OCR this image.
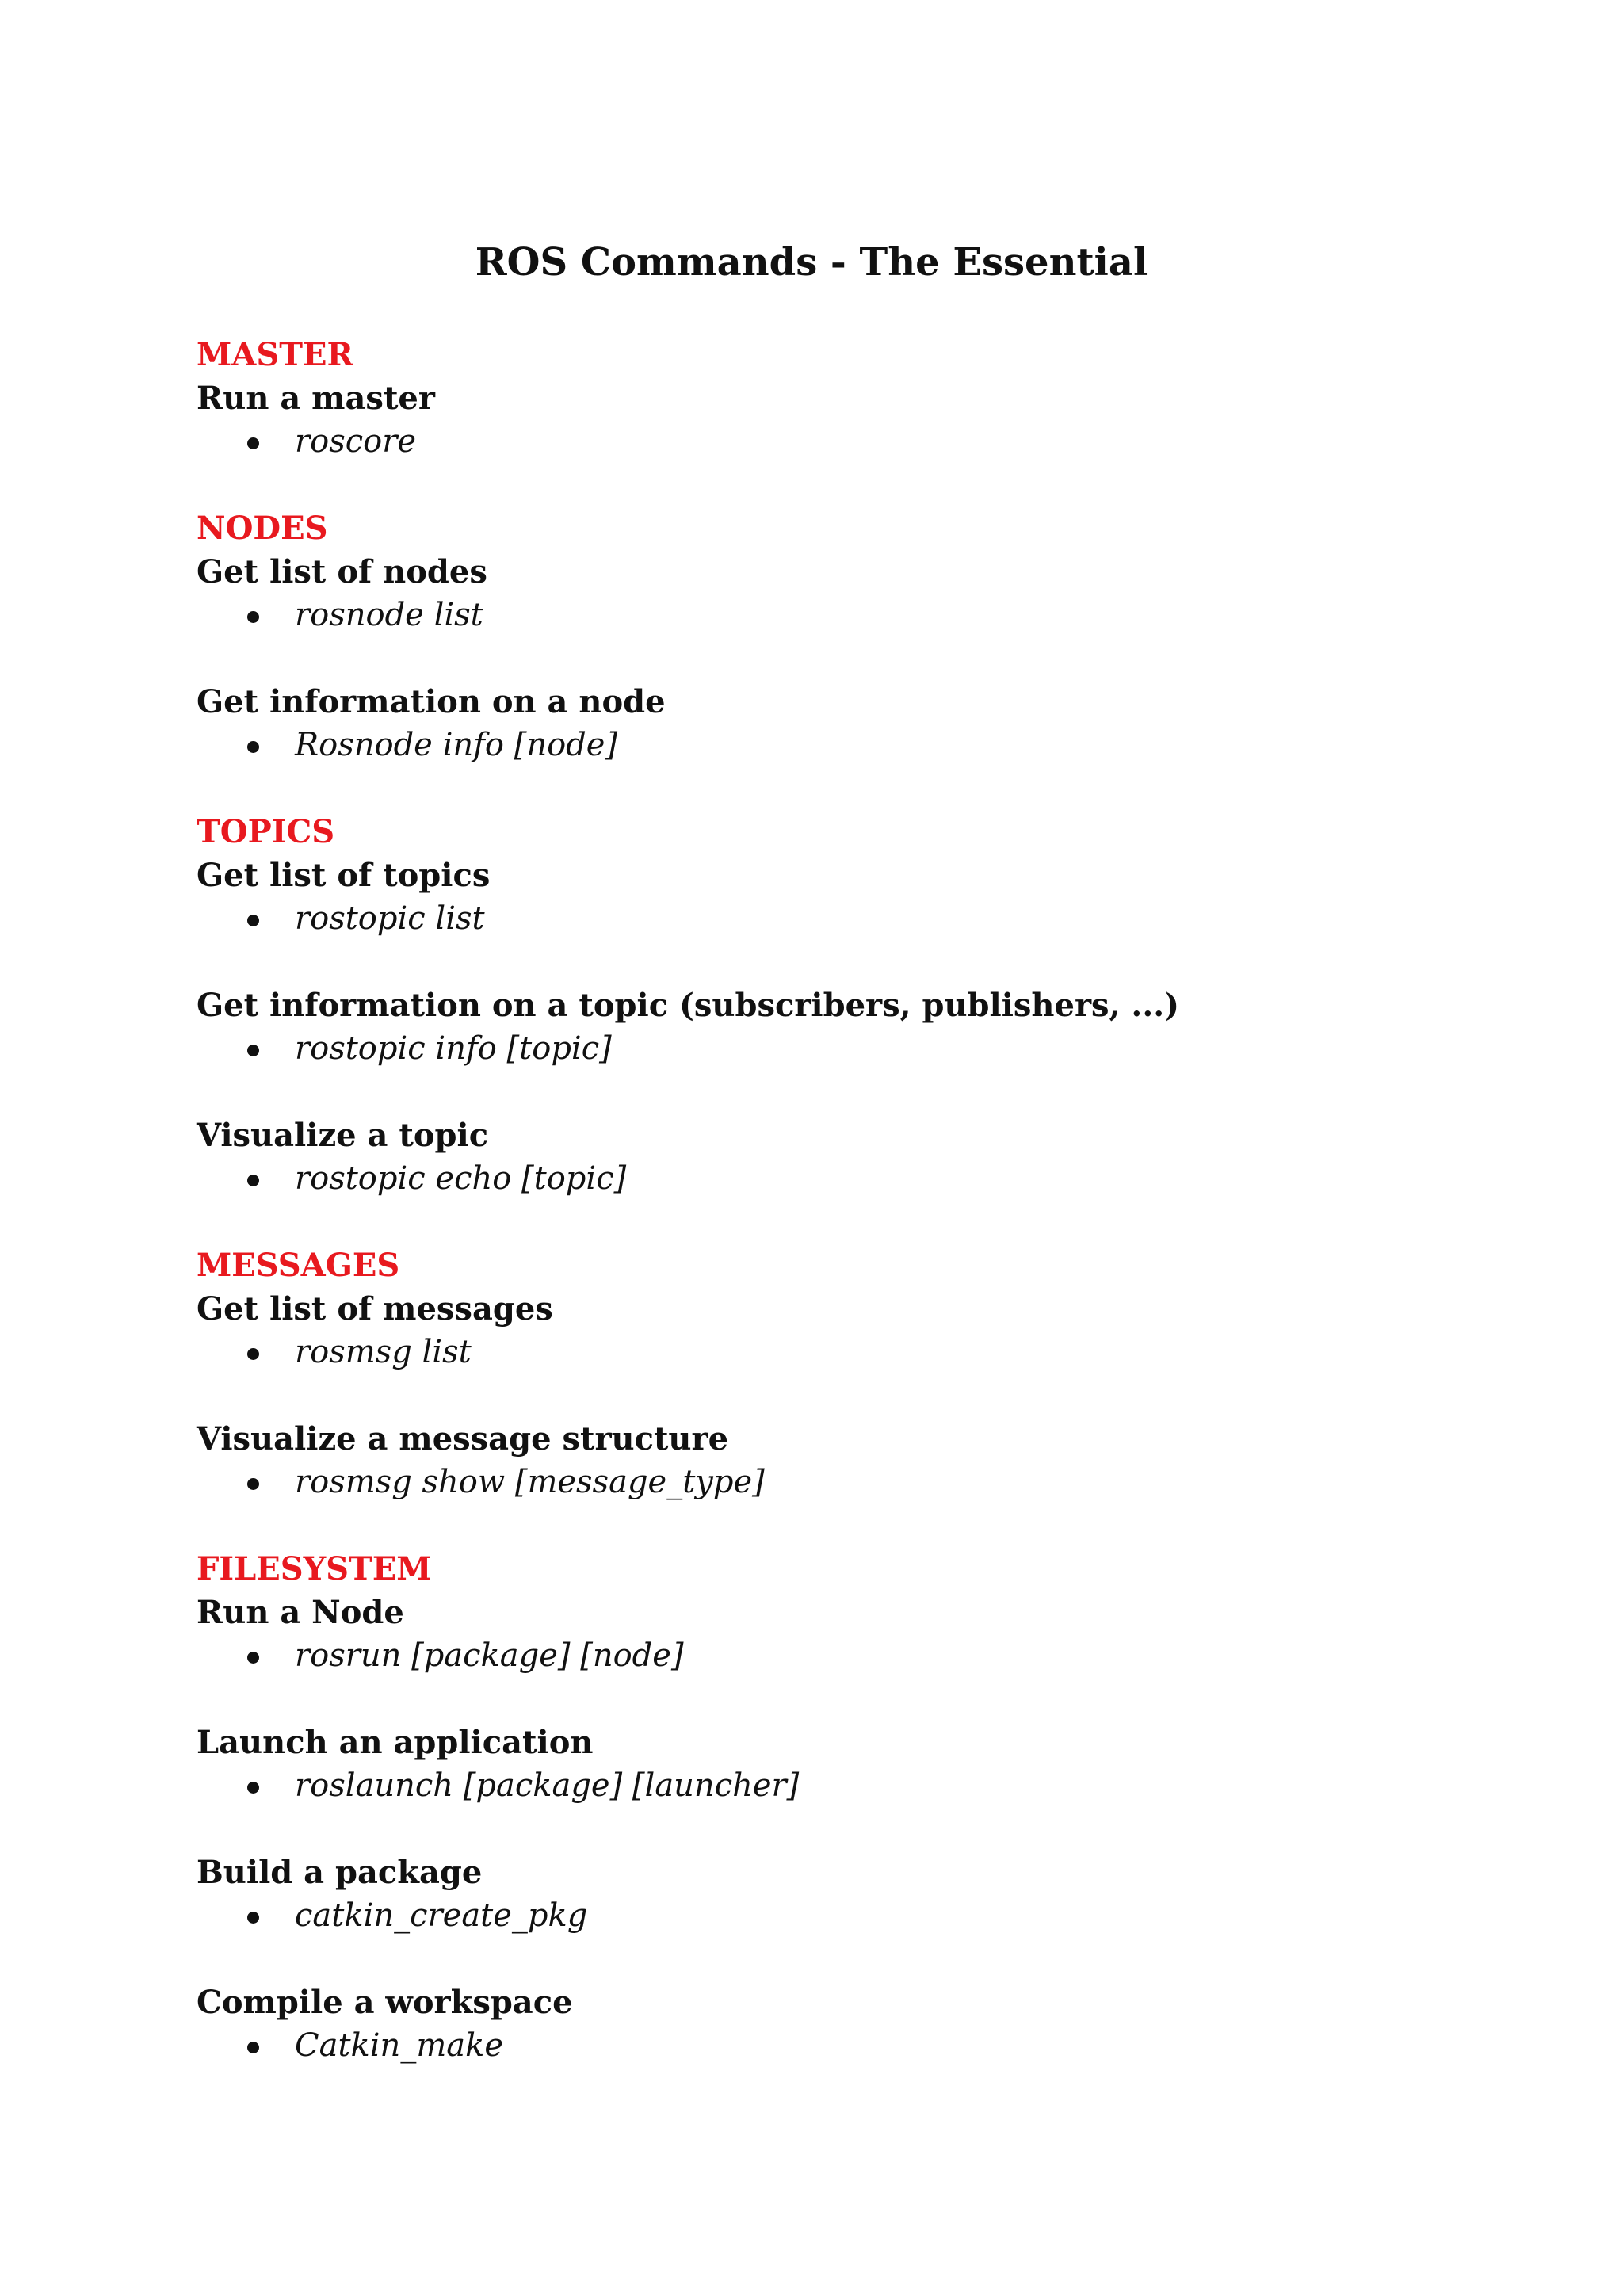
ROS Commands - The Essential

MASTER

Run a master

roscore

NODES

Get list of nodes

rosnode list

Get information on a node

Rosnode info [node]

TOPICS

Get list of topics

rostopic list

Get information on a topic (subscribers, publishers, ...)

rostopic info [topic]

Visualize a topic

rostopic echo [topic]

MESSAGES

Get list of messages

rosmsg list

Visualize a message structure

rosmsg show [message_type]

FILESYSTEM

Run a Node

rosrun [package] [node]

Launch an application

roslaunch [package] [launcher]

Build a package

catkin_create_pkg

Compile a workspace

Catkin_make
